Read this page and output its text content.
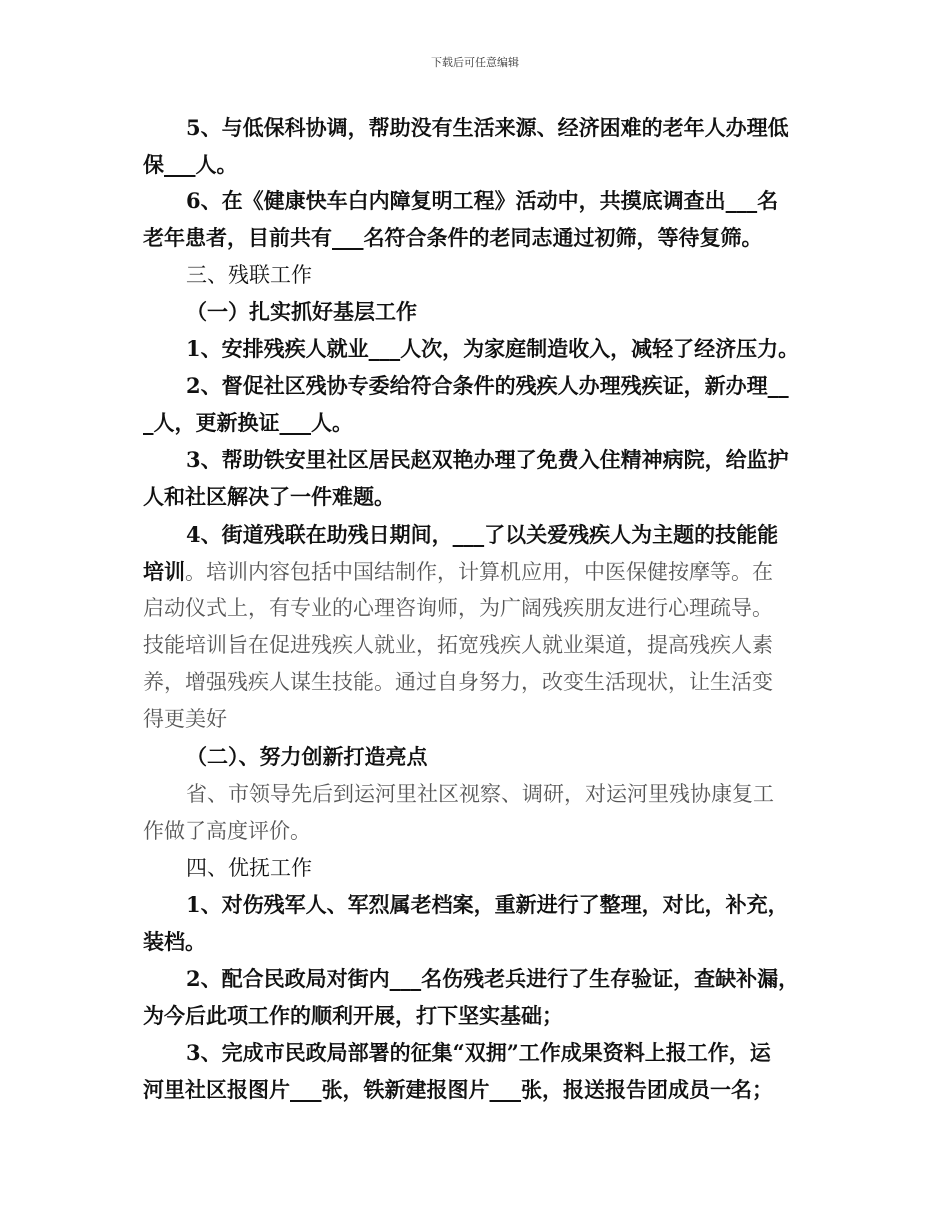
下载后可任意编辑
5、与低保科协调，帮助没有生活来源、经济困难的老年人办理低
保___人。
6、在《健康快车白内障复明工程》活动中，共摸底调查出___名
老年患者，目前共有___名符合条件的老同志通过初筛，等待复筛。
三、残联工作
（一）扎实抓好基层工作
1、安排残疾人就业___人次，为家庭制造收入，减轻了经济压力。
2、督促社区残协专委给符合条件的残疾人办理残疾证，新办理__
_人，更新换证___人。
3、帮助铁安里社区居民赵双艳办理了免费入住精神病院，给监护
人和社区解决了一件难题。
4、街道残联在助残日期间，___了以关爱残疾人为主题的技能能
培训。培训内容包括中国结制作，计算机应用，中医保健按摩等。在
启动仪式上，有专业的心理咨询师，为广阔残疾朋友进行心理疏导。
技能培训旨在促进残疾人就业，拓宽残疾人就业渠道，提高残疾人素
养，增强残疾人谋生技能。通过自身努力，改变生活现状，让生活变
得更美好
（二）、努力创新打造亮点
省、市领导先后到运河里社区视察、调研，对运河里残协康复工
作做了高度评价。
四、优抚工作
1、对伤残军人、军烈属老档案，重新进行了整理，对比，补充，
装档。
2、配合民政局对街内___名伤残老兵进行了生存验证，查缺补漏，
为今后此项工作的顺利开展，打下坚实基础；
3、完成市民政局部署的征集“双拥”工作成果资料上报工作，运
河里社区报图片___张，铁新建报图片___张，报送报告团成员一名；
